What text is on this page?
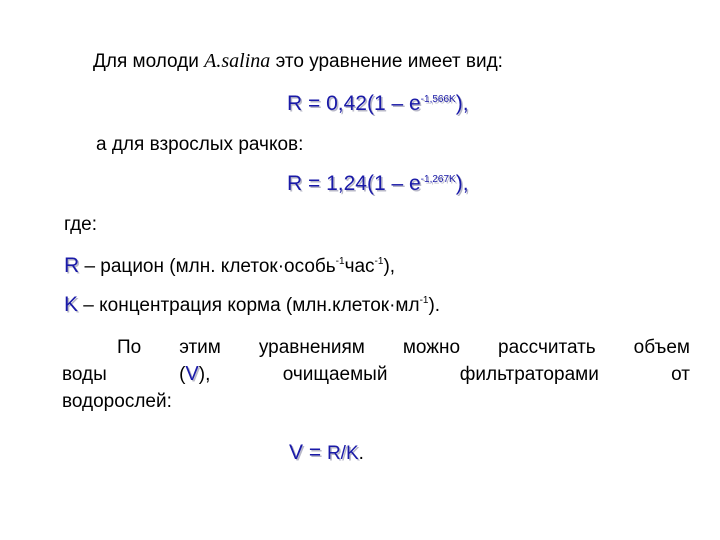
Для молоди A.salina это уравнение имеет вид:
$R = 0,42(1 - e^{-1,566K})$,
а для взрослых рачков:
$R = 1,24(1 - e^{-1,267K})$,
где:
R – рацион (млн. клеток·особь$^{-1}$час$^{-1}$),
K – концентрация корма $(млн.клеток\cdot мл^{-1})$.
По этим уравнениям можно рассчитать объем
воды (V), очищаемый фильтраторами от
водорослей:
V = R/K.
